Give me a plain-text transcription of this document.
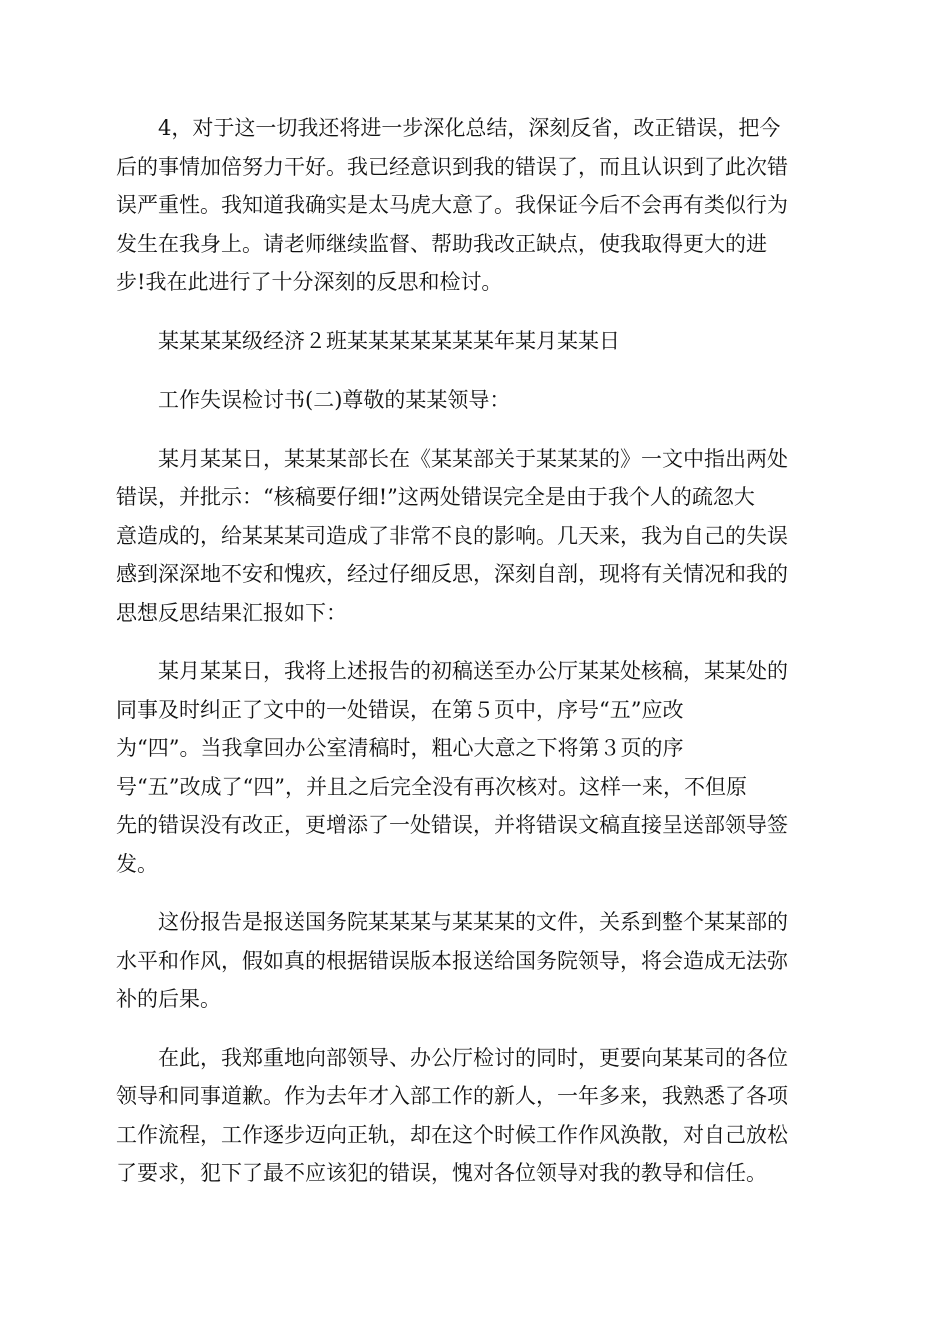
4，对于这一切我还将进一步深化总结，深刻反省，改正错误，把今
后的事情加倍努力干好。我已经意识到我的错误了，而且认识到了此次错
误严重性。我知道我确实是太马虎大意了。我保证今后不会再有类似行为
发生在我身上。请老师继续监督、帮助我改正缺点，使我取得更大的进
步!我在此进行了十分深刻的反思和检讨。

某某某某级经济２班某某某某某某某年某月某某日

工作失误检讨书(二)尊敬的某某领导：

某月某某日，某某某部长在《某某部关于某某某的》一文中指出两处
错误，并批示：“核稿要仔细!”这两处错误完全是由于我个人的疏忽大
意造成的，给某某某司造成了非常不良的影响。几天来，我为自己的失误
感到深深地不安和愧疚，经过仔细反思，深刻自剖，现将有关情况和我的
思想反思结果汇报如下：

某月某某日，我将上述报告的初稿送至办公厅某某处核稿，某某处的
同事及时纠正了文中的一处错误，在第５页中，序号“五”应改
为“四”。当我拿回办公室清稿时，粗心大意之下将第３页的序
号“五”改成了“四”，并且之后完全没有再次核对。这样一来，不但原
先的错误没有改正，更增添了一处错误，并将错误文稿直接呈送部领导签
发。

这份报告是报送国务院某某某与某某某的文件，关系到整个某某部的
水平和作风，假如真的根据错误版本报送给国务院领导，将会造成无法弥
补的后果。

在此，我郑重地向部领导、办公厅检讨的同时，更要向某某司的各位
领导和同事道歉。作为去年才入部工作的新人，一年多来，我熟悉了各项
工作流程，工作逐步迈向正轨，却在这个时候工作作风涣散，对自己放松
了要求，犯下了最不应该犯的错误，愧对各位领导对我的教导和信任。
